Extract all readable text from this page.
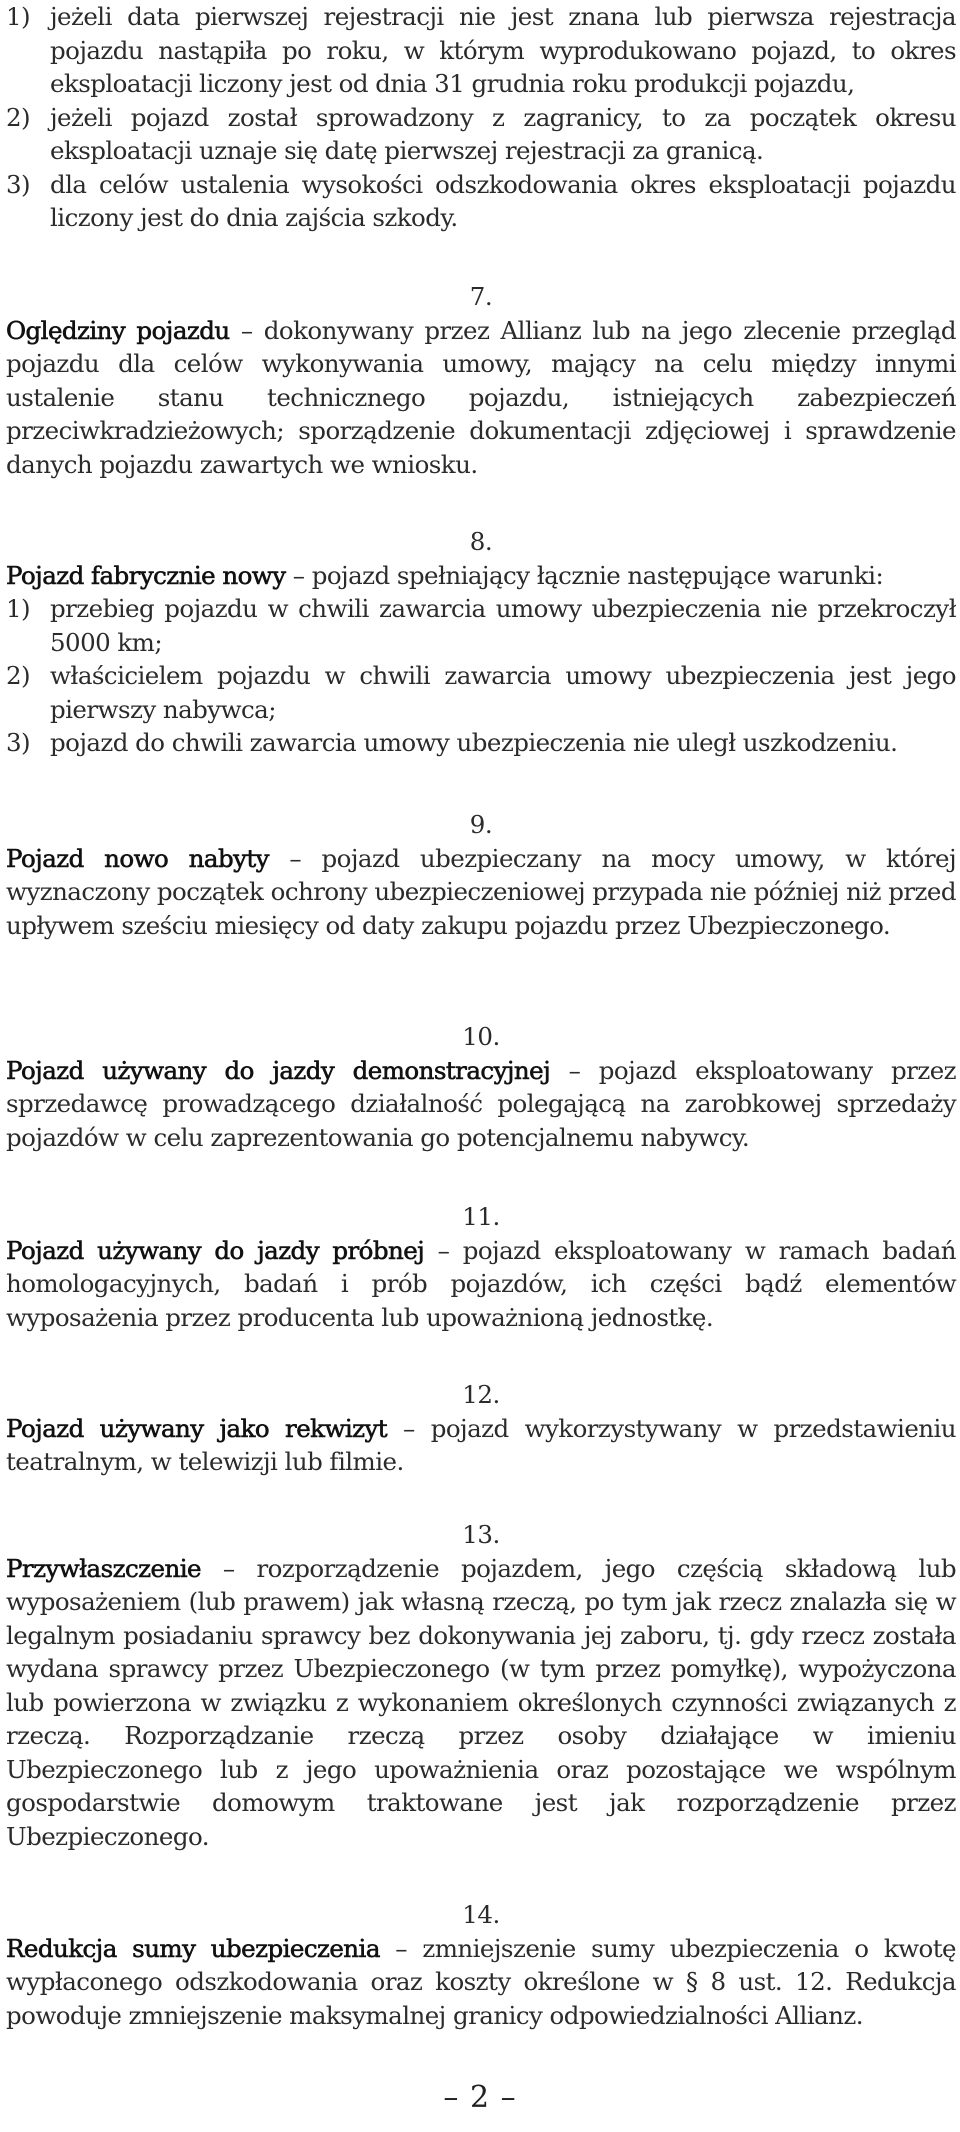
1) jeżeli data pierwszej rejestracji nie jest znana lub pierwsza rejestracja pojazdu nastąpiła po roku, w którym wyprodukowano pojazd, to okres eksploatacji liczony jest od dnia 31 grudnia roku produkcji pojazdu,
2) jeżeli pojazd został sprowadzony z zagranicy, to za początek okresu eksploatacji uznaje się datę pierwszej rejestracji za granicą.
3) dla celów ustalenia wysokości odszkodowania okres eksploatacji pojazdu liczony jest do dnia zajścia szkody.

7.

Oględziny pojazdu – dokonywany przez Allianz lub na jego zlecenie przegląd pojazdu dla celów wykonywania umowy, mający na celu między innymi ustalenie stanu technicznego pojazdu, istniejących zabezpieczeń przeciwkradzieżowych; sporządzenie dokumentacji zdjęciowej i sprawdzenie danych pojazdu zawartych we wniosku.

8.

Pojazd fabrycznie nowy – pojazd spełniający łącznie następujące warunki:

1) przebieg pojazdu w chwili zawarcia umowy ubezpieczenia nie przekroczył 5000 km;
2) właścicielem pojazdu w chwili zawarcia umowy ubezpieczenia jest jego pierwszy nabywca;
3) pojazd do chwili zawarcia umowy ubezpieczenia nie uległ uszkodzeniu.

9.

Pojazd nowo nabyty – pojazd ubezpieczany na mocy umowy, w której wyznaczony początek ochrony ubezpieczeniowej przypada nie później niż przed upływem sześciu miesięcy od daty zakupu pojazdu przez Ubezpieczonego.

10.

Pojazd używany do jazdy demonstracyjnej – pojazd eksploatowany przez sprzedawcę prowadzącego działalność polegającą na zarobkowej sprzedaży pojazdów w celu zaprezentowania go potencjalnemu nabywcy.

11.

Pojazd używany do jazdy próbnej – pojazd eksploatowany w ramach badań homologacyjnych, badań i prób pojazdów, ich części bądź elementów wyposażenia przez producenta lub upoważnioną jednostkę.

12.

Pojazd używany jako rekwizyt – pojazd wykorzystywany w przedstawieniu teatralnym, w telewizji lub filmie.

13.

Przywłaszczenie – rozporządzenie pojazdem, jego częścią składową lub wyposażeniem (lub prawem) jak własną rzeczą, po tym jak rzecz znalazła się w legalnym posiadaniu sprawcy bez dokonywania jej zaboru, tj. gdy rzecz została wydana sprawcy przez Ubezpieczonego (w tym przez pomyłkę), wypożyczona lub powierzona w związku z wykonaniem określonych czynności związanych z rzeczą. Rozporządzanie rzeczą przez osoby działające w imieniu Ubezpieczonego lub z jego upoważnienia oraz pozostające we wspólnym gospodarstwie domowym traktowane jest jak rozporządzenie przez Ubezpieczonego.

14.

Redukcja sumy ubezpieczenia – zmniejszenie sumy ubezpieczenia o kwotę wypłaconego odszkodowania oraz koszty określone w § 8 ust. 12. Redukcja powoduje zmniejszenie maksymalnej granicy odpowiedzialności Allianz.

– 2 –
